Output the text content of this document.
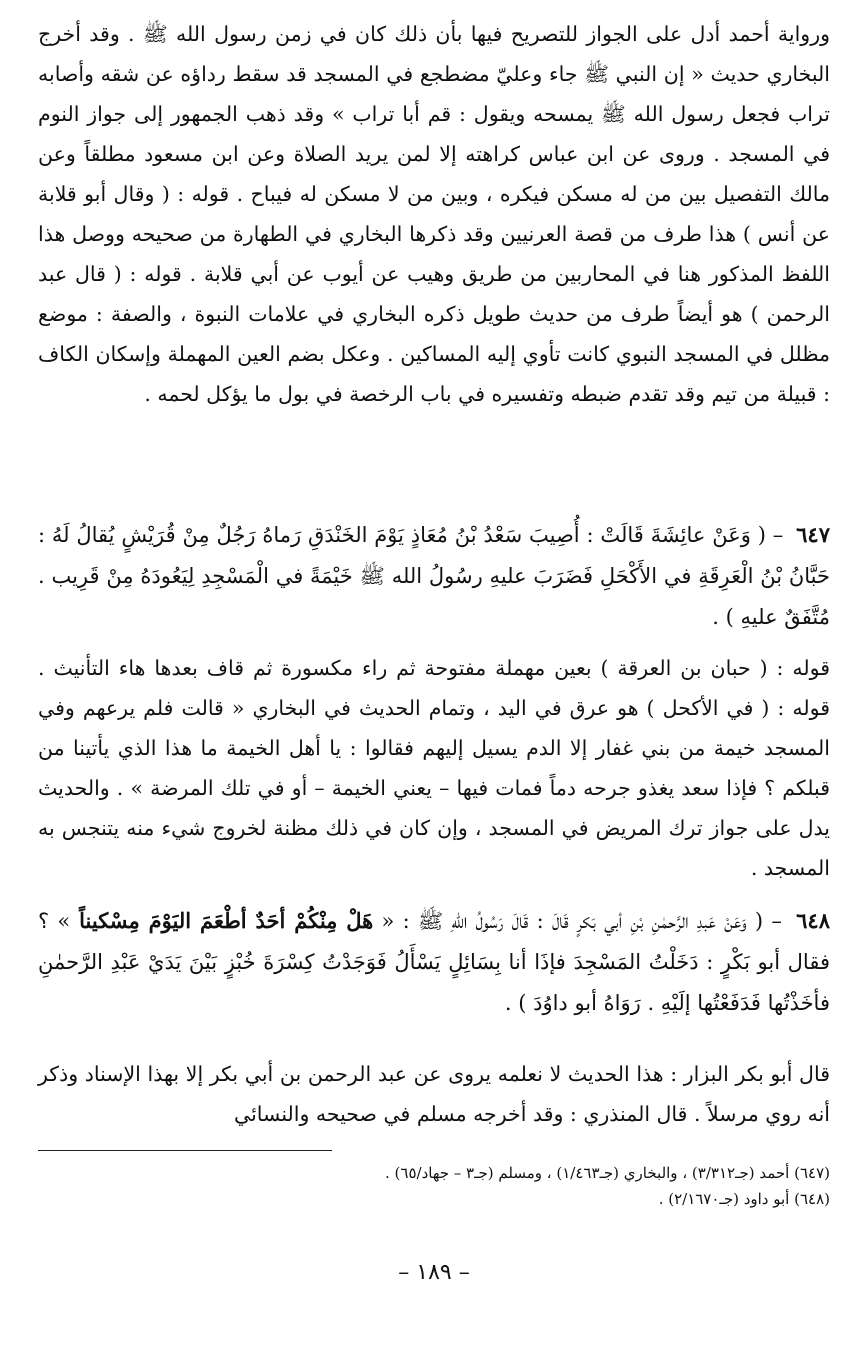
ورواية أحمد أدل على الجواز للتصريح فيها بأن ذلك كان في زمن رسول الله ﷺ . وقد أخرج البخاري حديث « إن النبي ﷺ جاء وعليّ مضطجع في المسجد قد سقط رداؤه عن شقه وأصابه تراب فجعل رسول الله ﷺ يمسحه ويقول : قم أبا تراب » وقد ذهب الجمهور إلى جواز النوم في المسجد . وروى عن ابن عباس كراهته إلا لمن يريد الصلاة وعن ابن مسعود مطلقاً وعن مالك التفصيل بين من له مسكن فيكره ، وبين من لا مسكن له فيباح . قوله : ( وقال أبو قلابة عن أنس ) هذا طرف من قصة العرنيين وقد ذكرها البخاري في الطهارة من صحيحه ووصل هذا اللفظ المذكور هنا في المحاربين من طريق وهيب عن أيوب عن أبي قلابة . قوله : ( قال عبد الرحمن ) هو أيضاً طرف من حديث طويل ذكره البخاري في علامات النبوة ، والصفة : موضع مظلل في المسجد النبوي كانت تأوي إليه المساكين . وعكل بضم العين المهملة وإسكان الكاف : قبيلة من تيم وقد تقدم ضبطه وتفسيره في باب الرخصة في بول ما يؤكل لحمه .

٦٤٧ – ( وَعَنْ عائِشَةَ قَالَتْ : أُصِيبَ سَعْدُ بْنُ مُعَاذٍ يَوْمَ الخَنْدَقِ رَماهُ رَجُلٌ مِنْ قُرَيْشٍ يُقالُ لَهُ : حَبَّانُ بْنُ الْعَرِقَةِ في الأَكْحَلِ فَضَرَبَ عليهِ رسُولُ الله ﷺ خَيْمَةً في الْمَسْجِدِ لِيَعُودَهُ مِنْ قَرِيب . مُتَّفَقٌ عليهِ ) .

قوله : ( حبان بن العرقة ) بعين مهملة مفتوحة ثم راء مكسورة ثم قاف بعدها هاء التأنيث . قوله : ( في الأكحل ) هو عرق في اليد ، وتمام الحديث في البخاري « قالت فلم يرعهم وفي المسجد خيمة من بني غفار إلا الدم يسيل إليهم فقالوا : يا أهل الخيمة ما هذا الذي يأتينا من قبلكم ؟ فإذا سعد يغذو جرحه دماً فمات فيها – يعني الخيمة – أو في تلك المرضة » . والحديث يدل على جواز ترك المريض في المسجد ، وإن كان في ذلك مظنة لخروج شيء منه يتنجس به المسجد .

٦٤٨ – ( وَعَنْ عَبدِ الرَّحمٰنِ بْنِ أبي بَكرٍ قَالَ : قَالَ رَسُولُ اللهِ ﷺ : « هَلْ مِنْكُمْ أحَدٌ أطْعَمَ اليَوْمَ مِسْكيناً » ؟ فقال أبو بَكْرٍ : دَخَلْتُ المَسْجِدَ فإذَا أنا بِسَائِلٍ يَسْأَلُ فَوَجَدْتُ كِسْرَةَ خُبْزٍ بَيْنَ يَدَيْ عَبْدِ الرَّحمٰنِ فأخَذْتُها فَدَفَعْتُها إلَيْهِ . رَوَاهُ أبو داوُدَ ) .

قال أبو بكر البزار : هذا الحديث لا نعلمه يروى عن عبد الرحمن بن أبي بكر إلا بهذا الإسناد وذكر أنه روي مرسلاً . قال المنذري : وقد أخرجه مسلم في صحيحه والنسائي

(٦٤٧) أحمد (جـ٣/٣١٢) ، والبخاري (جـ١/٤٦٣) ، ومسلم (جـ٣ – جهاد/٦٥) .

(٦٤٨) أبو داود (جـ٢/١٦٧٠) .

– ١٨٩ –
